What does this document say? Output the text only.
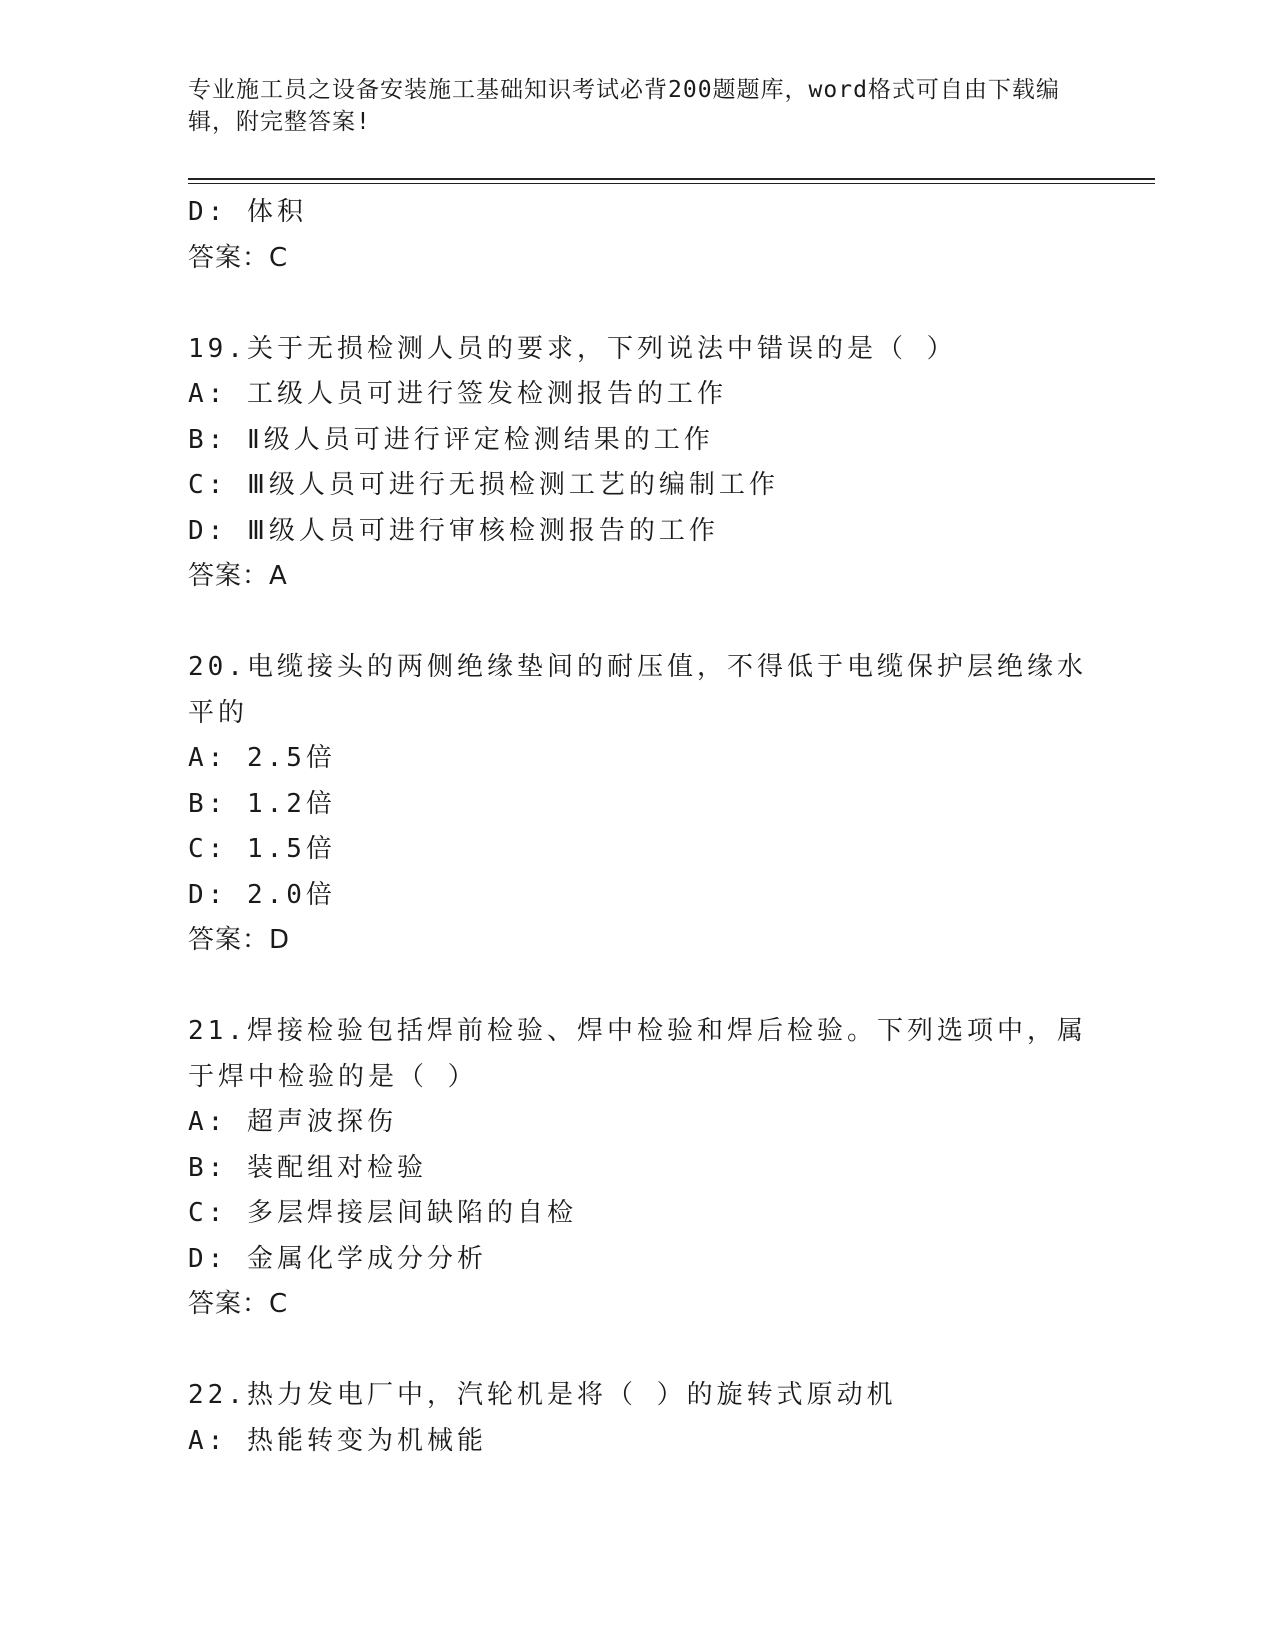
专业施工员之设备安装施工基础知识考试必背200题题库，word格式可自由下载编辑，附完整答案!
D: 体积
答案：C
19.关于无损检测人员的要求，下列说法中错误的是（ ）
A: 工级人员可进行签发检测报告的工作
B: Ⅱ级人员可进行评定检测结果的工作
C: Ⅲ级人员可进行无损检测工艺的编制工作
D: Ⅲ级人员可进行审核检测报告的工作
答案：A
20.电缆接头的两侧绝缘垫间的耐压值，不得低于电缆保护层绝缘水平的
A: 2.5倍
B: 1.2倍
C: 1.5倍
D: 2.0倍
答案：D
21.焊接检验包括焊前检验、焊中检验和焊后检验。下列选项中，属于焊中检验的是（ ）
A: 超声波探伤
B: 装配组对检验
C: 多层焊接层间缺陷的自检
D: 金属化学成分分析
答案：C
22.热力发电厂中，汽轮机是将（ ）的旋转式原动机
A: 热能转变为机械能
